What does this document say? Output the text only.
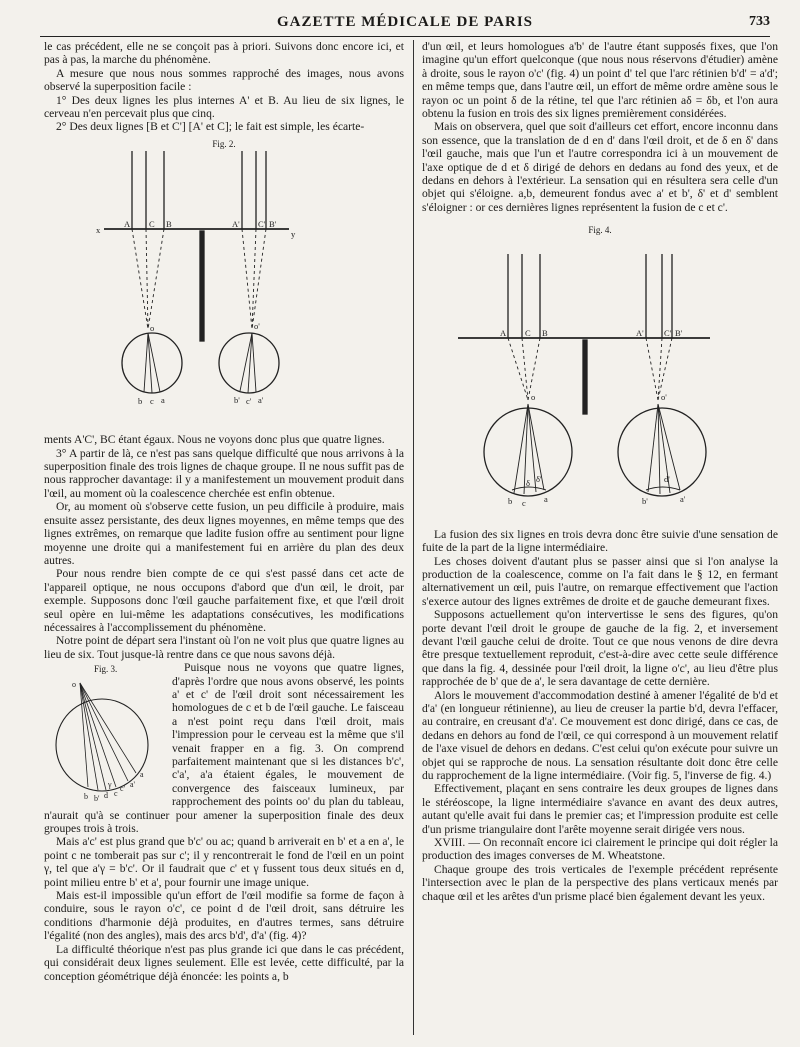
GAZETTE MÉDICALE DE PARIS	733

le cas précédent, elle ne se conçoit pas à priori. Suivons donc encore ici, et pas à pas, la marche du phénomène.

A mesure que nous nous sommes rapproché des images, nous avons observé la superposition facile :

1° Des deux lignes les plus internes A' et B. Au lieu de six lignes, le cerveau n'en percevait plus que cinq.

2° Des deux lignes [B et C'] [A' et C]; le fait est simple, les écarte-

Fig. 2.
A C B	A' C' B'
x	y
o	o'
b c a	b' c' a'

ments A'C', BC étant égaux. Nous ne voyons donc plus que quatre lignes.

3° A partir de là, ce n'est pas sans quelque difficulté que nous arrivons à la superposition finale des trois lignes de chaque groupe. Il ne nous suffit pas de nous rapprocher davantage: il y a manifestement un mouvement produit dans l'œil, au moment où la coalescence cherchée est enfin obtenue.

Or, au moment où s'observe cette fusion, un peu difficile à produire, mais ensuite assez persistante, des deux lignes moyennes, en même temps que des lignes extrêmes, on remarque que ladite fusion offre au sentiment pour ligne moyenne une droite qui a manifestement fui en arrière du plan des deux autres.

Pour nous rendre bien compte de ce qui s'est passé dans cet acte de l'appareil optique, ne nous occupons d'abord que d'un œil, le droit, par exemple. Supposons donc l'œil gauche parfaitement fixe, et que l'œil droit seul opère en lui-même les adaptations consécutives, les modifications nécessaires à l'accomplissement du phénomène.

Notre point de départ sera l'instant où l'on ne voit plus que quatre lignes au lieu de six. Tout jusque-là rentre dans ce que nous savons déjà.

Fig. 3.
o
b b' d c
c' a'
a
γ

Puisque nous ne voyons que quatre lignes, d'après l'ordre que nous avons observé, les points a' et c' de l'œil droit sont nécessairement les homologues de c et b de l'œil gauche. Le faisceau a n'est point reçu dans l'œil droit, mais l'impression pour le cerveau est la même que s'il venait frapper en a fig. 3. On comprend parfaitement maintenant que si les distances b'c', c'a', a'a étaient égales, le mouvement de convergence des faisceaux lumineux, par rapprochement des points oo' du plan du tableau, n'aurait qu'à se continuer pour amener la superposition finale des deux groupes trois à trois.

Mais a'c' est plus grand que b'c' ou ac; quand b arriverait en b' et a en a', le point c ne tomberait pas sur c'; il y rencontrerait le fond de l'œil en un point γ, tel que a'γ = b'c'. Or il faudrait que c' et γ fussent tous deux situés en d, point milieu entre b' et a', pour fournir une image unique.

Mais est-il impossible qu'un effort de l'œil modifie sa forme de façon à conduire, sous le rayon o'c', ce point d de l'œil droit, sans détruire les conditions d'harmonie déjà produites, en d'autres termes, sans détruire l'égalité (non des angles), mais des arcs b'd', d'a' (fig. 4)?

La difficulté théorique n'est pas plus grande ici que dans le cas précédent, qui considérait deux lignes seulement. Elle est levée, cette difficulté, par la conception géométrique déjà énoncée: les points a, b

d'un œil, et leurs homologues a'b' de l'autre étant supposés fixes, que l'on imagine qu'un effort quelconque (que nous nous réservons d'étudier) amène à droite, sous le rayon o'c' (fig. 4) un point d' tel que l'arc rétinien b'd' = a'd'; en même temps que, dans l'autre œil, un effort de même ordre amène sous le rayon oc un point δ de la rétine, tel que l'arc rétinien aδ = δb, et l'on aura obtenu la fusion en trois des six lignes premièrement considérées.

Mais on observera, quel que soit d'ailleurs cet effort, encore inconnu dans son essence, que la translation de d en d' dans l'œil droit, et de δ en δ' dans l'œil gauche, mais que l'un et l'autre correspondra ici à un mouvement de l'axe optique de d et δ dirigé de dehors en dedans au fond des yeux, et de dedans en dehors à l'extérieur. La sensation qui en résultera sera celle d'un objet qui s'éloigne. a,b, demeurent fondus avec a' et b', δ' et d' semblent s'éloigner : or ces dernières lignes représentent la fusion de c et c'.

Fig. 4.
A C B	A' C' B'
o	o'
δ δ'	d'
b c a	b'	a'

La fusion des six lignes en trois devra donc être suivie d'une sensation de fuite de la part de la ligne intermédiaire.

Les choses doivent d'autant plus se passer ainsi que si l'on analyse la production de la coalescence, comme on l'a fait dans le § 12, en fermant alternativement un œil, puis l'autre, on remarque effectivement que l'action s'exerce autour des lignes extrêmes de droite et de gauche demeurant fixes.

Supposons actuellement qu'on intervertisse le sens des figures, qu'on porte devant l'œil droit le groupe de gauche de la fig. 2, et inversement devant l'œil gauche celui de droite. Tout ce que nous venons de dire devra être presque textuellement reproduit, c'est-à-dire avec cette seule différence que dans la fig. 4, dessinée pour l'œil droit, la ligne o'c', au lieu d'être plus rapprochée de b' que de a', le sera davantage de cette dernière.

Alors le mouvement d'accommodation destiné à amener l'égalité de b'd et d'a' (en longueur rétinienne), au lieu de creuser la partie b'd, devra l'effacer, au contraire, en creusant d'a'. Ce mouvement est donc dirigé, dans ce cas, de dedans en dehors au fond de l'œil, ce qui correspond à un mouvement relatif de l'axe visuel de dehors en dedans. C'est celui qu'on exécute pour suivre un objet qui se rapproche de nous. La sensation résultante doit donc être celle du rapprochement de la ligne intermédiaire. (Voir fig. 5, l'inverse de fig. 4.)

Effectivement, plaçant en sens contraire les deux groupes de lignes dans le stéréoscope, la ligne intermédiaire s'avance en avant des deux autres, autant qu'elle avait fui dans le premier cas; et l'impression produite est celle d'un prisme triangulaire dont l'arête moyenne serait dirigée vers nous.

XVIII. — On reconnaît encore ici clairement le principe qui doit régler la production des images converses de M. Wheatstone.

Chaque groupe des trois verticales de l'exemple précédent représente l'intersection avec le plan de la perspective des plans verticaux menés par chaque œil et les arêtes d'un prisme placé bien également devant les yeux.
